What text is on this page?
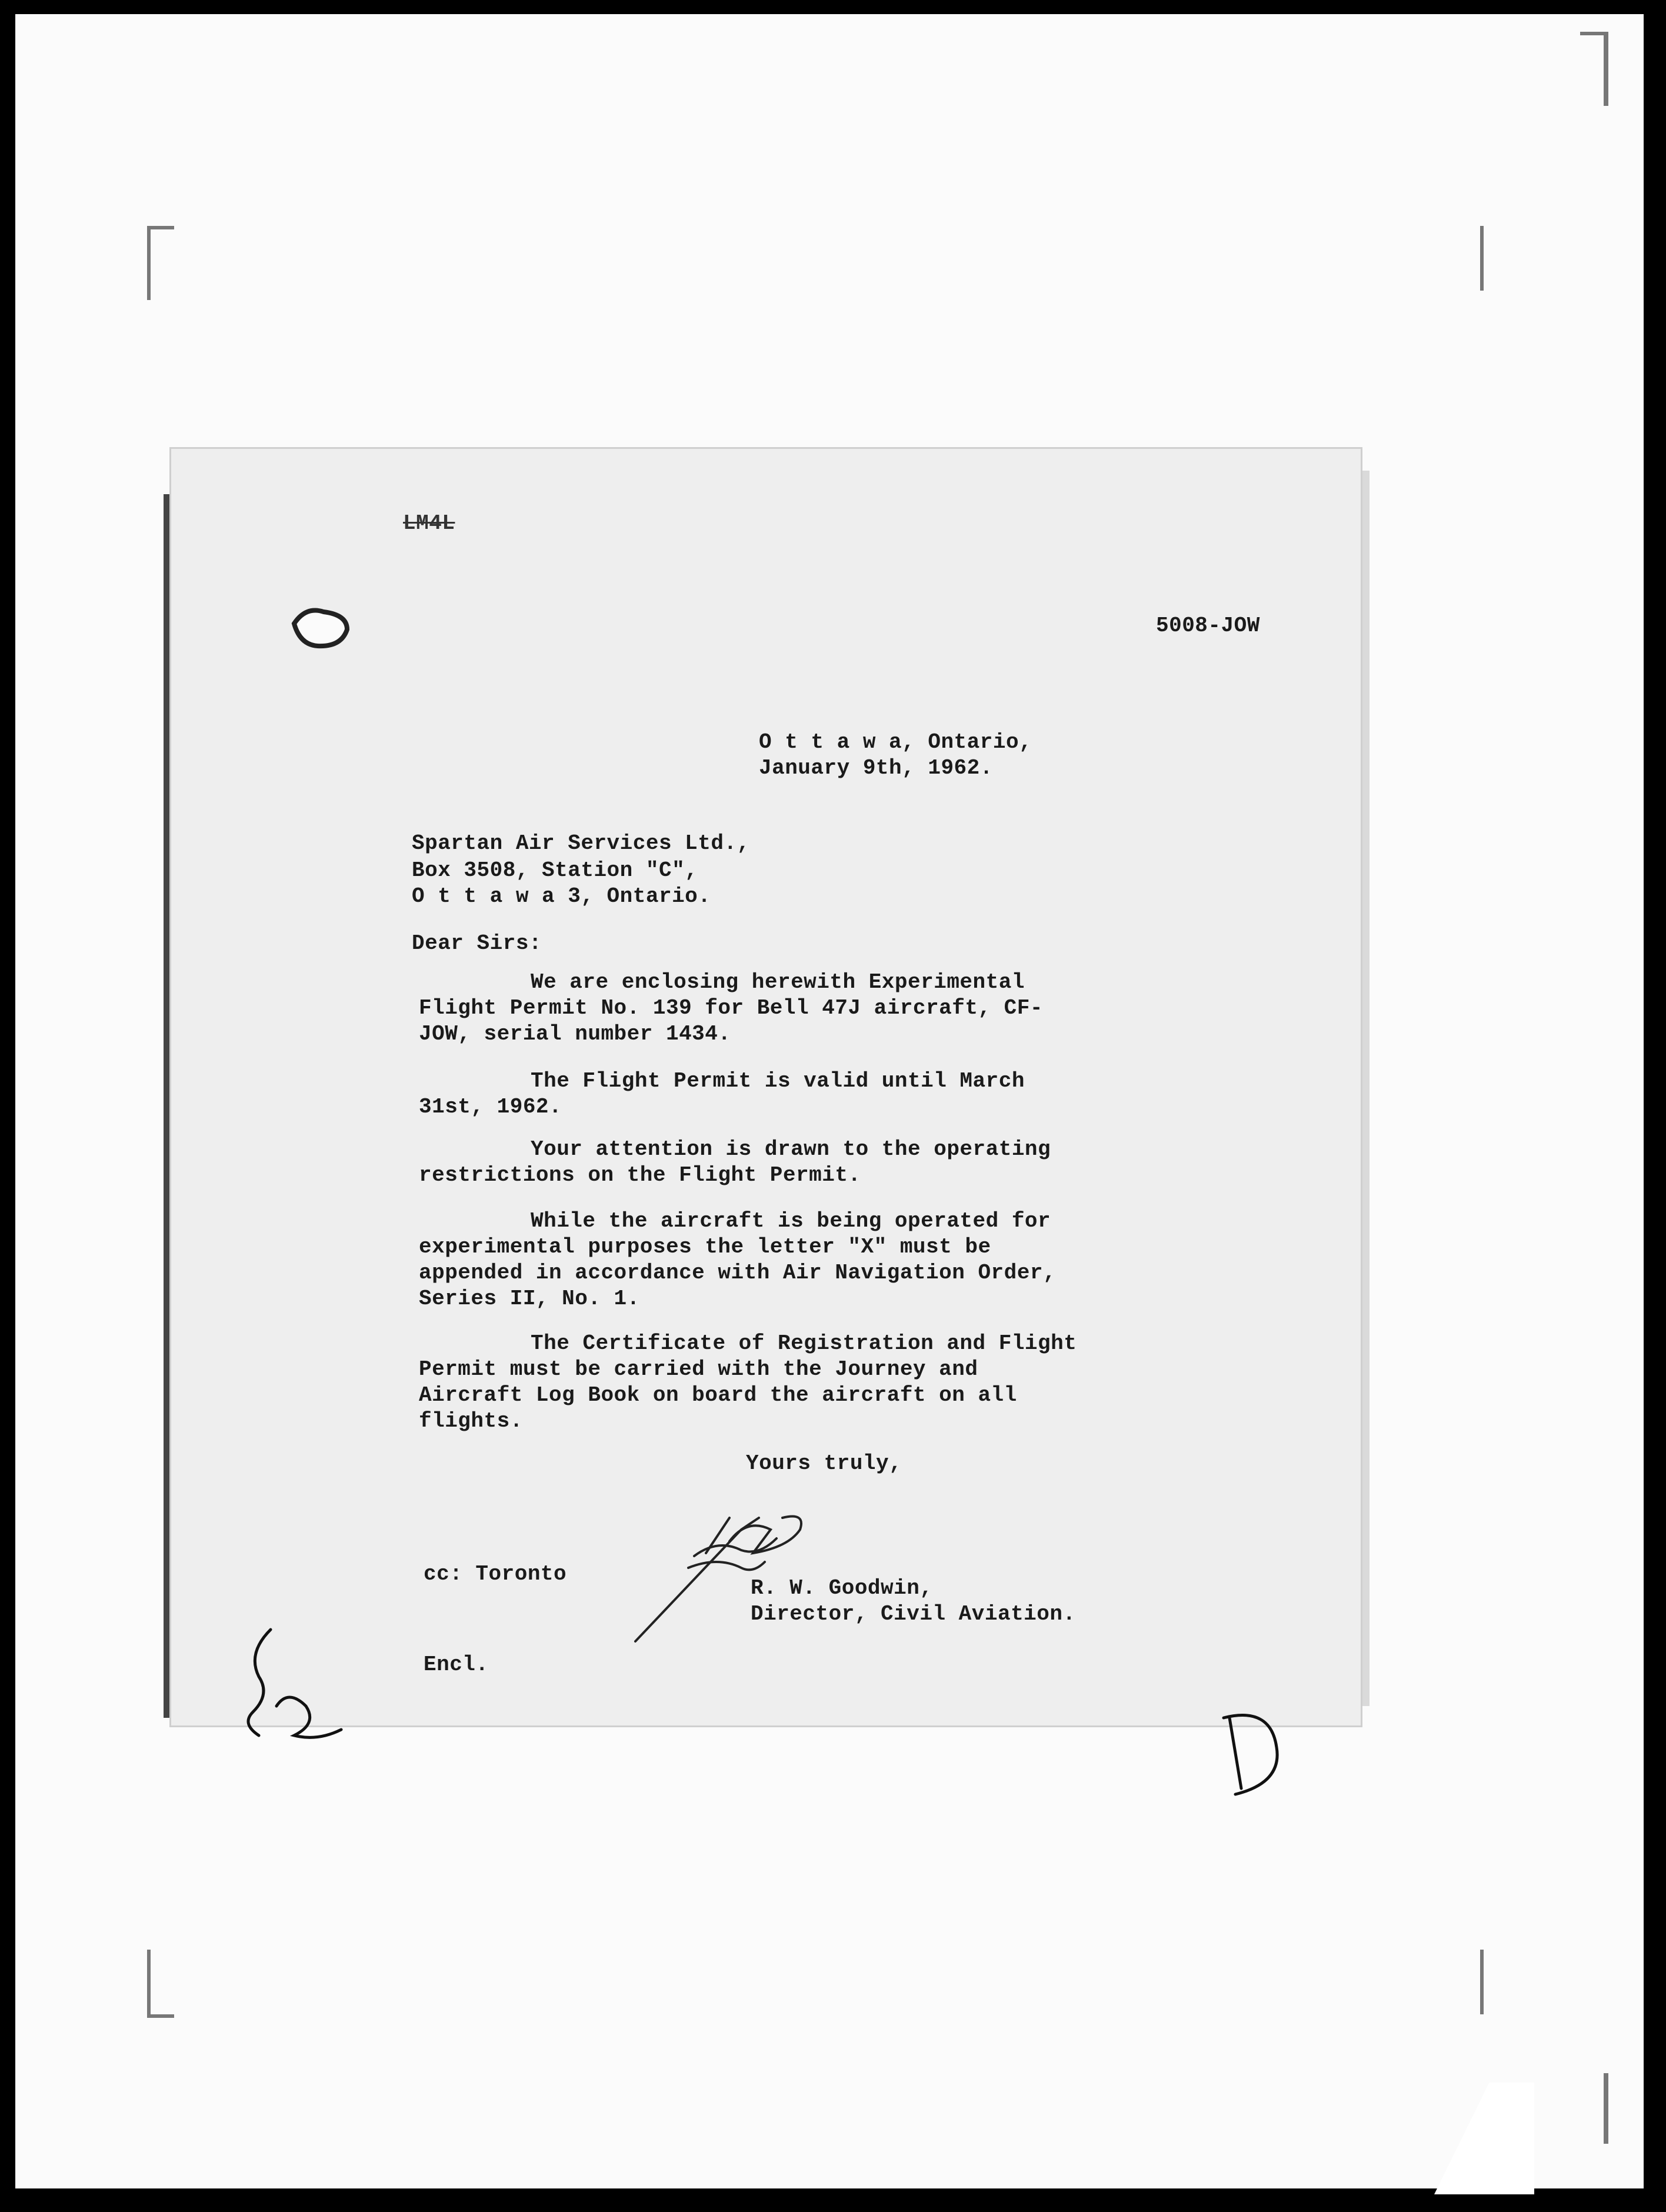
LM4L
5008-JOW
O t t a w a, Ontario,
January 9th, 1962.
Spartan Air Services Ltd.,
Box 3508, Station "C",
O t t a w a 3, Ontario.
Dear Sirs:
We are enclosing herewith Experimental Flight Permit No. 139 for Bell 47J aircraft, CF-JOW, serial number 1434.
The Flight Permit is valid until March 31st, 1962.
Your attention is drawn to the operating restrictions on the Flight Permit.
While the aircraft is being operated for experimental purposes the letter "X" must be appended in accordance with Air Navigation Order, Series II, No. 1.
The Certificate of Registration and Flight Permit must be carried with the Journey and Aircraft Log Book on board the aircraft on all flights.
Yours truly,
R. W. Goodwin,
Director, Civil Aviation.
cc: Toronto
Encl.
